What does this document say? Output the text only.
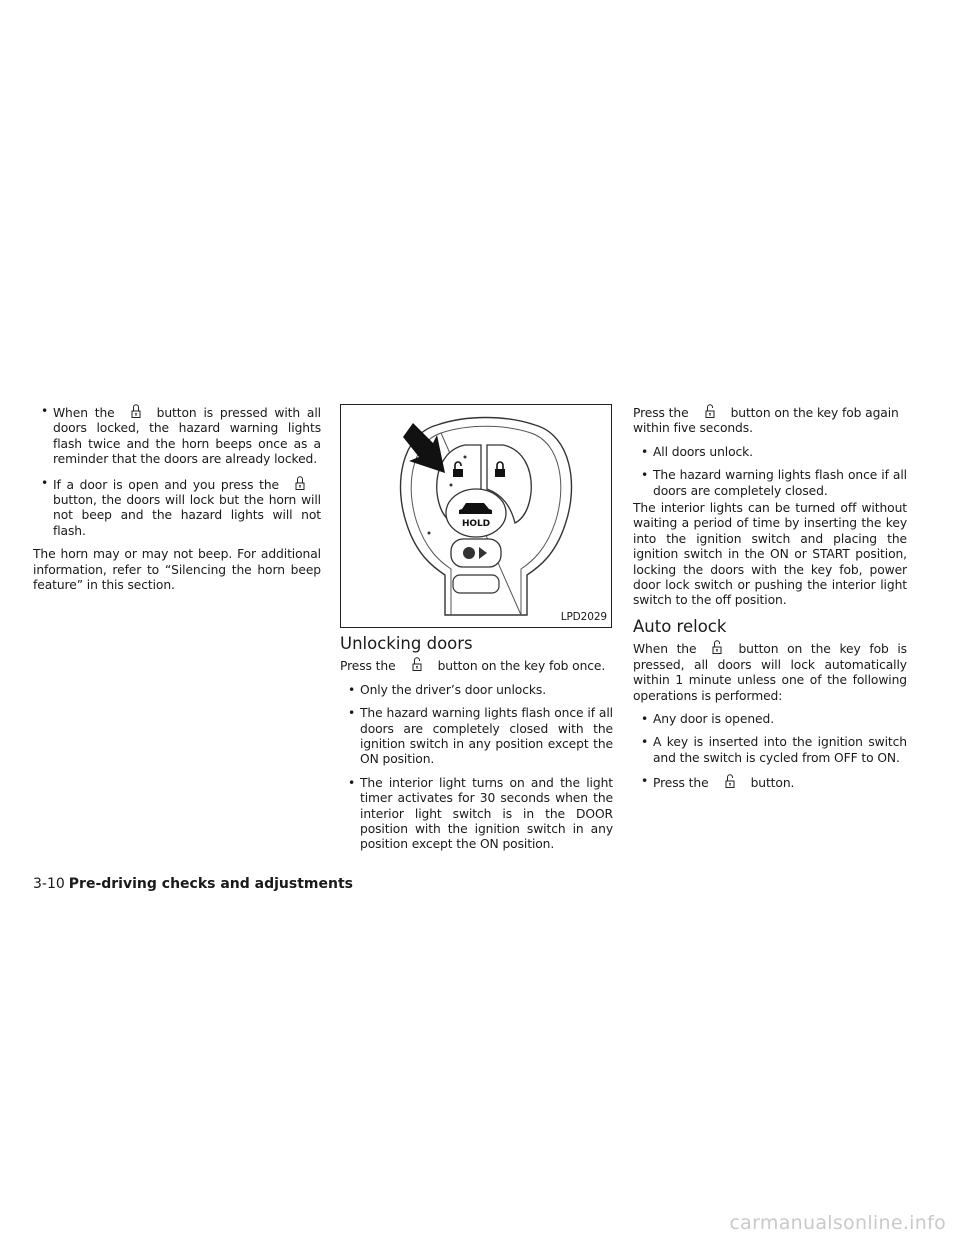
• When the	button is pressed with all doors locked, the hazard warning lights flash twice and the horn beeps once as a reminder that the doors are already locked.
• If a door is open and you press thebutton, the doors will lock but the horn will not beep and the hazard lights will not flash.

The horn may or may not beep. For additional information, refer to “Silencing the horn beep feature” in this section.

HOLD
LPD2029
Unlocking doors

Press the	button on the key fob once.

• Only the driver’s door unlocks.
• The hazard warning lights flash once if all doors are completely closed with the ignition switch in any position except the ON position.
• The interior light turns on and the light timer activates for 30 seconds when the interior light switch is in the DOOR position with the ignition switch in any position except the ON position.

Press the	button on the key fob again within five seconds.

• All doors unlock.
• The hazard warning lights flash once if all doors are completely closed.

The interior lights can be turned off without waiting a period of time by inserting the key into the ignition switch and placing the ignition switch in the ON or START position, locking the doors with the key fob, power door lock switch or pushing the interior light switch to the off position.

Auto relock

When the	button on the key fob is pressed, all doors will lock automatically within 1 minute unless one of the following operations is performed:

• Any door is opened.
• A key is inserted into the ignition switch and the switch is cycled from OFF to ON.
• Press the	button.
3-10 Pre-driving checks and adjustments
carmanualsonline.info
